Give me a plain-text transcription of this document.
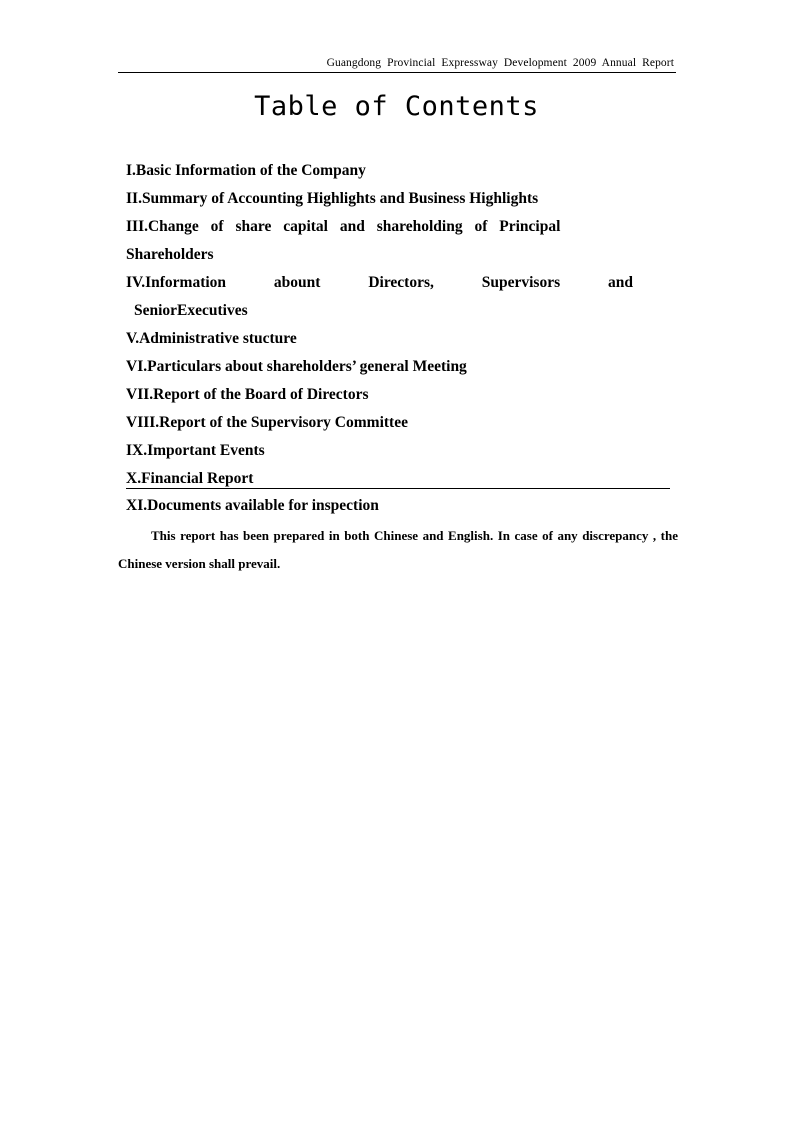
Guangdong Provincial Expressway Development 2009 Annual Report
Table of Contents
I.Basic Information of the Company
II.Summary of Accounting Highlights and Business Highlights
III.Change of share capital and shareholding of Principal
Shareholders
IV.Information abount Directors, Supervisors and
SeniorExecutives
V.Administrative stucture
VI.Particulars about shareholders’ general Meeting
VII.Report of the Board of Directors
VIII.Report of the Supervisory Committee
IX.Important Events
X.Financial Report
XI.Documents available for inspection
This report has been prepared in both Chinese and English. In case of any discrepancy , the Chinese version shall prevail.
